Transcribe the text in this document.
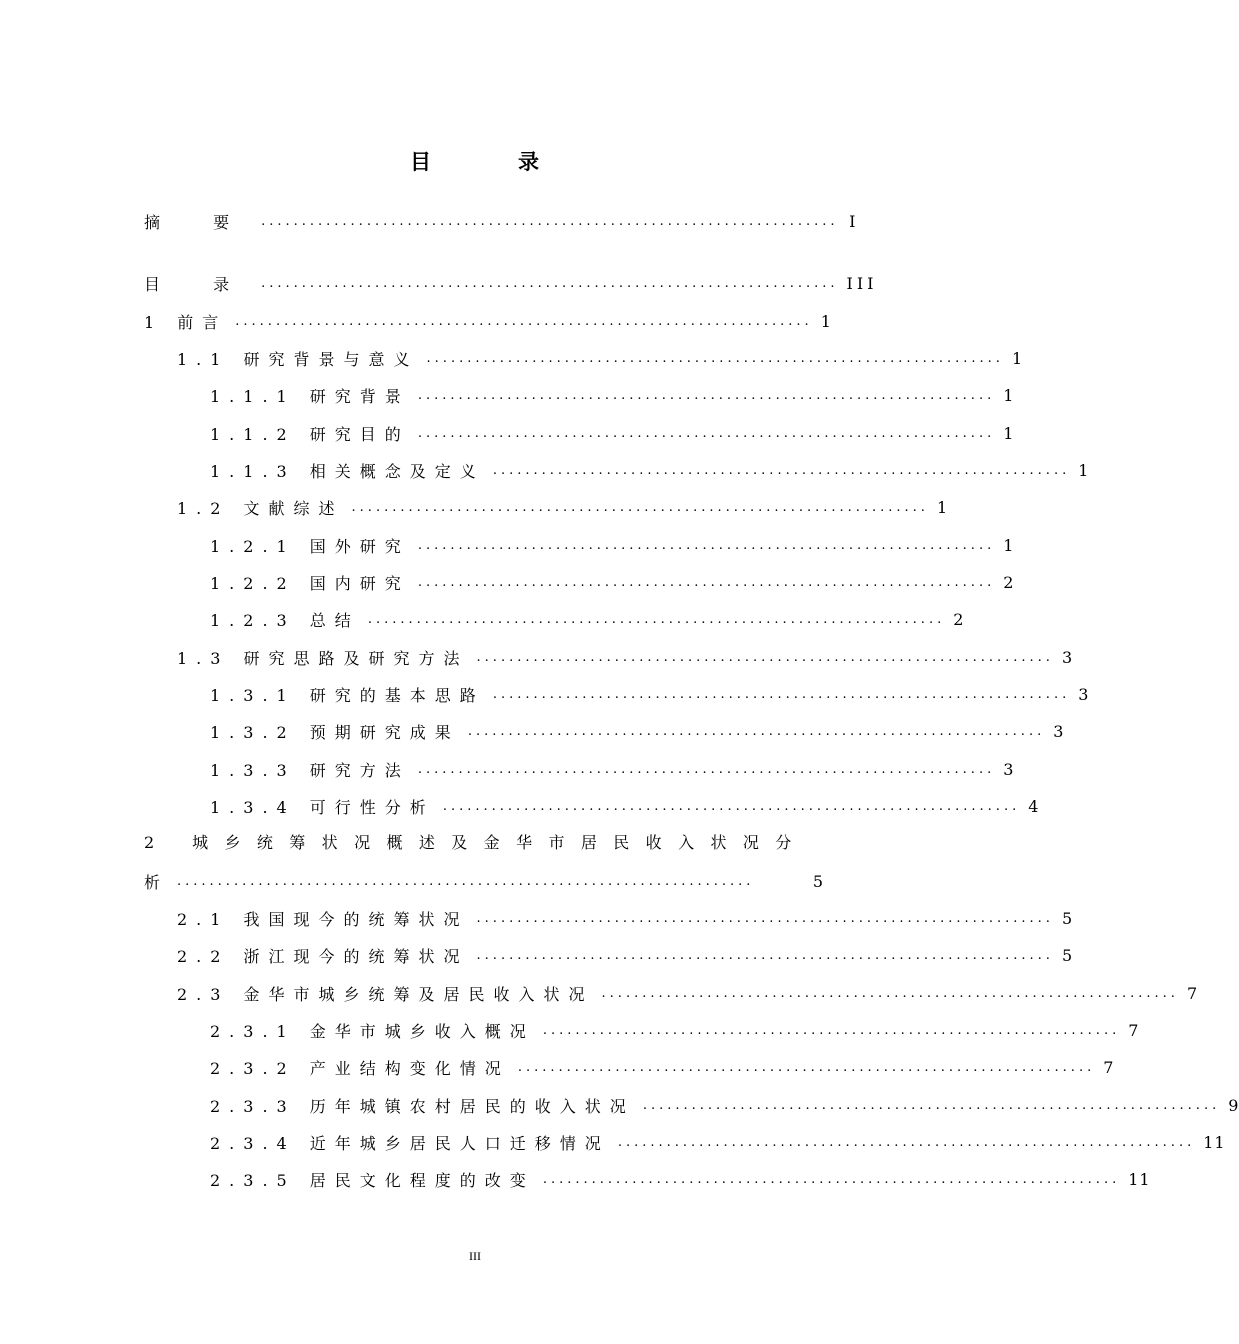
目	录
摘 要 ....................................................................... I
目 录 ....................................................................... III
1 前言 ....................................................................... 1
1.1 研究背景与意义 ....................................................................... 1
1.1.1 研究背景 ....................................................................... 1
1.1.2 研究目的 ....................................................................... 1
1.1.3 相关概念及定义 ....................................................................... 1
1.2 文献综述 ....................................................................... 1
1.2.1 国外研究 ....................................................................... 1
1.2.2 国内研究 ....................................................................... 2
1.2.3 总结 ....................................................................... 2
1.3 研究思路及研究方法 ....................................................................... 3
1.3.1 研究的基本思路 ....................................................................... 3
1.3.2 预期研究成果 ....................................................................... 3
1.3.3 研究方法 ....................................................................... 3
1.3.4 可行性分析 ....................................................................... 4
2 城乡统筹状况概述及金华市居民收入状况分
析 .......................................................................	5
2.1 我国现今的统筹状况 ....................................................................... 5
2.2 浙江现今的统筹状况 ....................................................................... 5
2.3 金华市城乡统筹及居民收入状况 ....................................................................... 7
2.3.1 金华市城乡收入概况 ....................................................................... 7
2.3.2 产业结构变化情况 ....................................................................... 7
2.3.3 历年城镇农村居民的收入状况 ....................................................................... 9
2.3.4 近年城乡居民人口迁移情况 ....................................................................... 11
2.3.5 居民文化程度的改变 ....................................................................... 11
III
